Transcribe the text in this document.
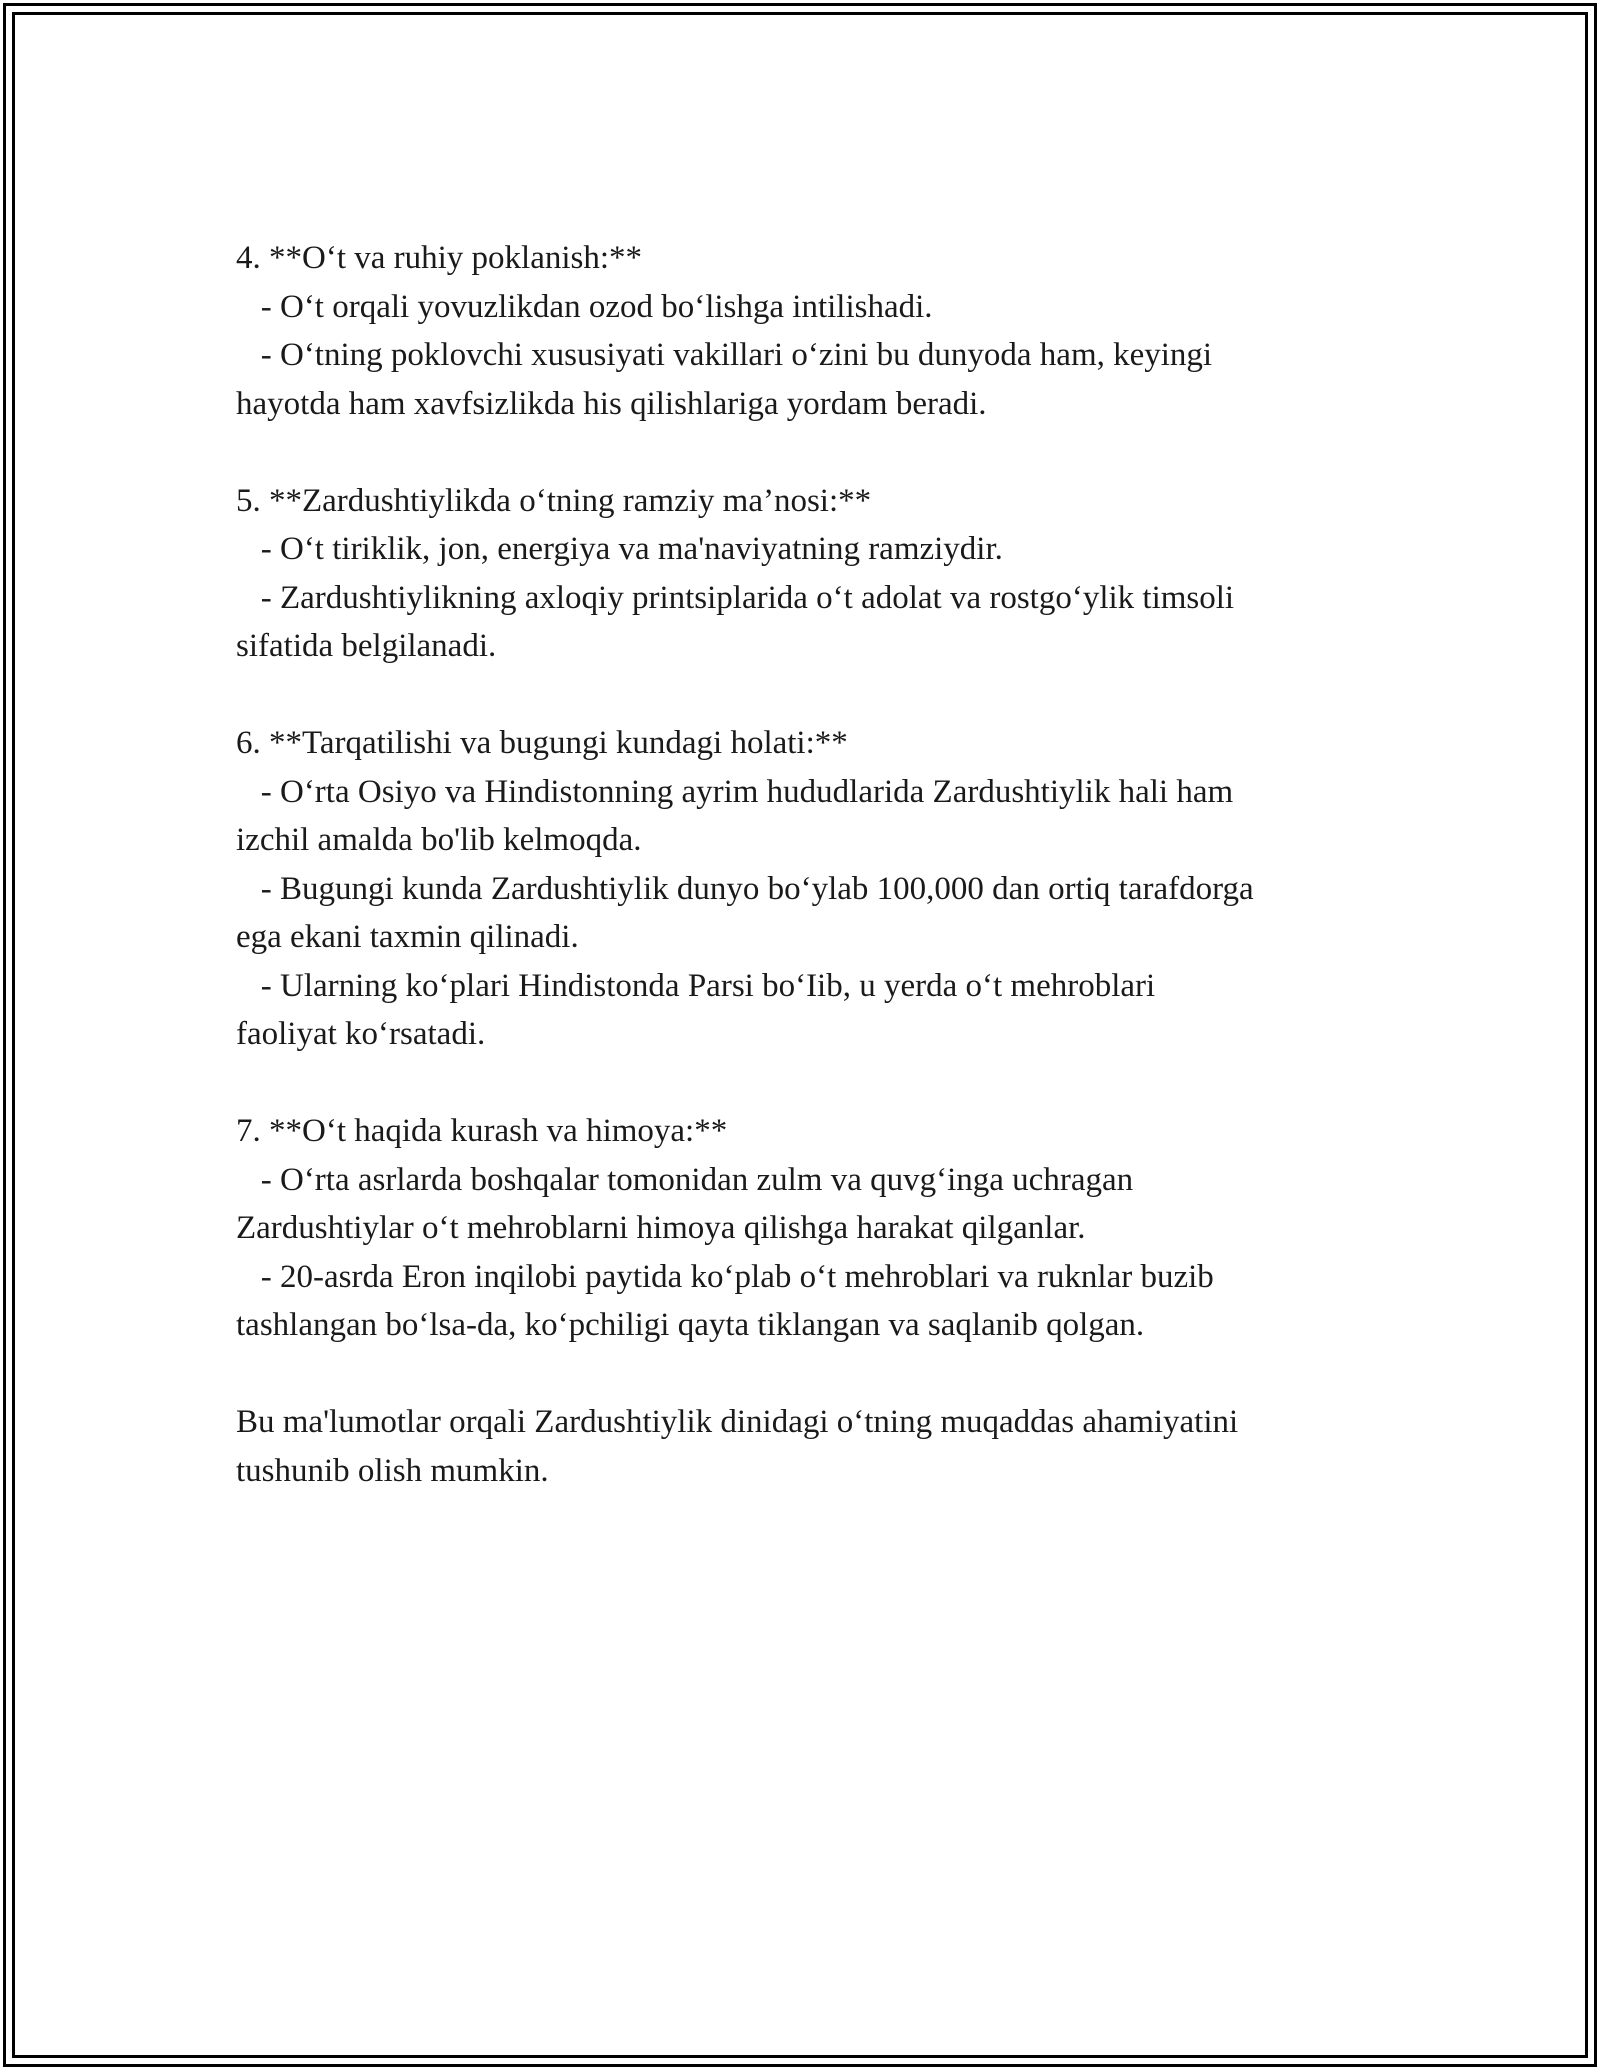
4. **O‘t va ruhiy poklanish:**
- O‘t orqali yovuzlikdan ozod bo‘lishga intilishadi.
- O‘tning poklovchi xususiyati vakillari o‘zini bu dunyoda ham, keyingi
hayotda ham xavfsizlikda his qilishlariga yordam beradi.
5. **Zardushtiylikda o‘tning ramziy ma’nosi:**
- O‘t tiriklik, jon, energiya va ma'naviyatning ramziydir.
- Zardushtiylikning axloqiy printsiplarida o‘t adolat va rostgo‘ylik timsoli
sifatida belgilanadi.
6. **Tarqatilishi va bugungi kundagi holati:**
- O‘rta Osiyo va Hindistonning ayrim hududlarida Zardushtiylik hali ham
izchil amalda bo'lib kelmoqda.
- Bugungi kunda Zardushtiylik dunyo bo‘ylab 100,000 dan ortiq tarafdorga
ega ekani taxmin qilinadi.
- Ularning ko‘plari Hindistonda Parsi bo‘Iib, u yerda o‘t mehroblari
faoliyat ko‘rsatadi.
7. **O‘t haqida kurash va himoya:**
- O‘rta asrlarda boshqalar tomonidan zulm va quvg‘inga uchragan
Zardushtiylar o‘t mehroblarni himoya qilishga harakat qilganlar.
- 20-asrda Eron inqilobi paytida ko‘plab o‘t mehroblari va ruknlar buzib
tashlangan bo‘lsa-da, ko‘pchiligi qayta tiklangan va saqlanib qolgan.
Bu ma'lumotlar orqali Zardushtiylik dinidagi o‘tning muqaddas ahamiyatini
tushunib olish mumkin.
